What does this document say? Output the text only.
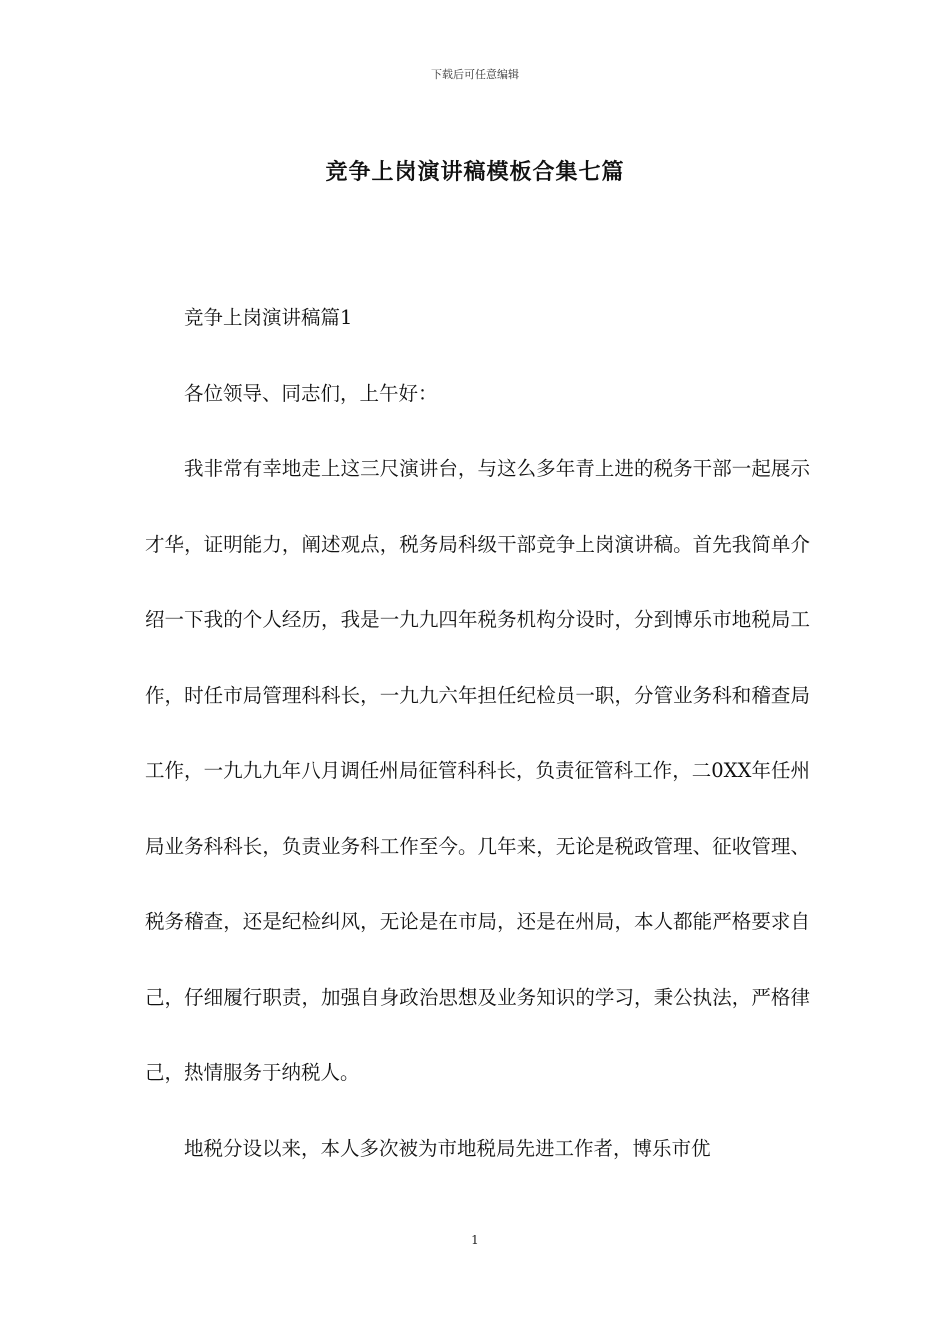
下载后可任意编辑
竞争上岗演讲稿模板合集七篇

竞争上岗演讲稿篇1

各位领导、同志们，上午好：

我非常有幸地走上这三尺演讲台，与这么多年青上进的税务干部一起展示才华，证明能力，阐述观点，税务局科级干部竞争上岗演讲稿。首先我简单介绍一下我的个人经历，我是一九九四年税务机构分设时，分到博乐市地税局工作，时任市局管理科科长，一九九六年担任纪检员一职，分管业务科和稽查局工作，一九九九年八月调任州局征管科科长，负责征管科工作，二0XX年任州局业务科科长，负责业务科工作至今。几年来，无论是税政管理、征收管理、税务稽查，还是纪检纠风，无论是在市局，还是在州局，本人都能严格要求自己，仔细履行职责，加强自身政治思想及业务知识的学习，秉公执法，严格律己，热情服务于纳税人。

地税分设以来，本人多次被为市地税局先进工作者，博乐市优

1
